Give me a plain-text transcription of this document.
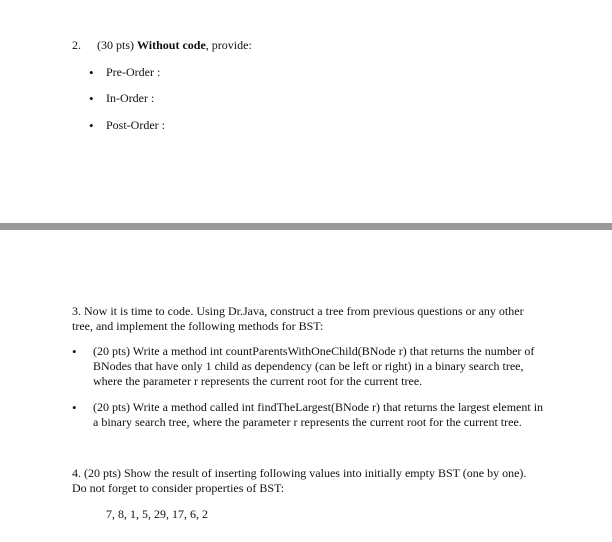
2. (30 pts) Without code, provide:
• Pre-Order :
• In-Order :
• Post-Order :
3. Now it is time to code. Using Dr.Java, construct a tree from previous questions or any other tree, and implement the following methods for BST:
• (20 pts) Write a method int countParentsWithOneChild(BNode r) that returns the number of BNodes that have only 1 child as dependency (can be left or right) in a binary search tree, where the parameter r represents the current root for the current tree.
• (20 pts) Write a method called int findTheLargest(BNode r) that returns the largest element in a binary search tree, where the parameter r represents the current root for the current tree.
4. (20 pts) Show the result of inserting following values into initially empty BST (one by one). Do not forget to consider properties of BST:
7, 8, 1, 5, 29, 17, 6, 2
